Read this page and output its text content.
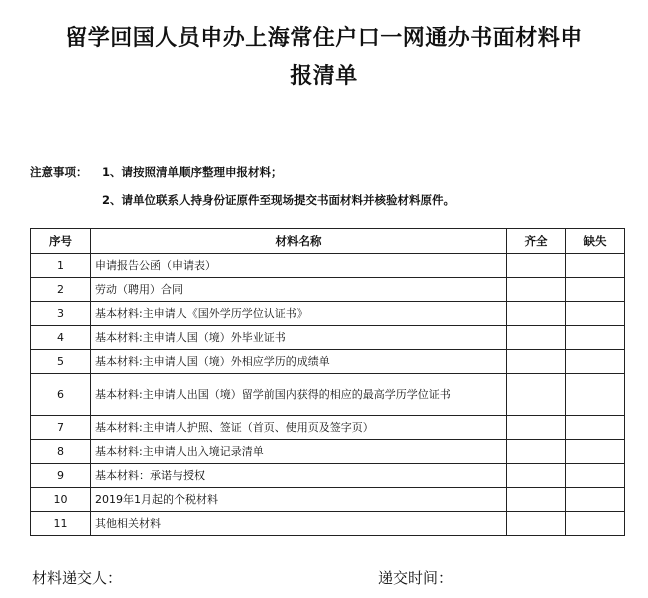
留学回国人员申办上海常住户口一网通办书面材料申
报清单
注意事项： 1、请按照清单顺序整理申报材料；
2、请单位联系人持身份证原件至现场提交书面材料并核验材料原件。
序号	材料名称	齐全	缺失
1	申请报告公函（申请表）		
2	劳动（聘用）合同		
3	基本材料:主申请人《国外学历学位认证书》		
4	基本材料:主申请人国（境）外毕业证书		
5	基本材料:主申请人国（境）外相应学历的成绩单		
6	基本材料:主申请人出国（境）留学前国内获得的相应的最高学历学位证书		
7	基本材料:主申请人护照、签证（首页、使用页及签字页）		
8	基本材料:主申请人出入境记录清单		
9	基本材料：承诺与授权		
10	2019年1月起的个税材料		
11	其他相关材料		
材料递交人：	递交时间：
